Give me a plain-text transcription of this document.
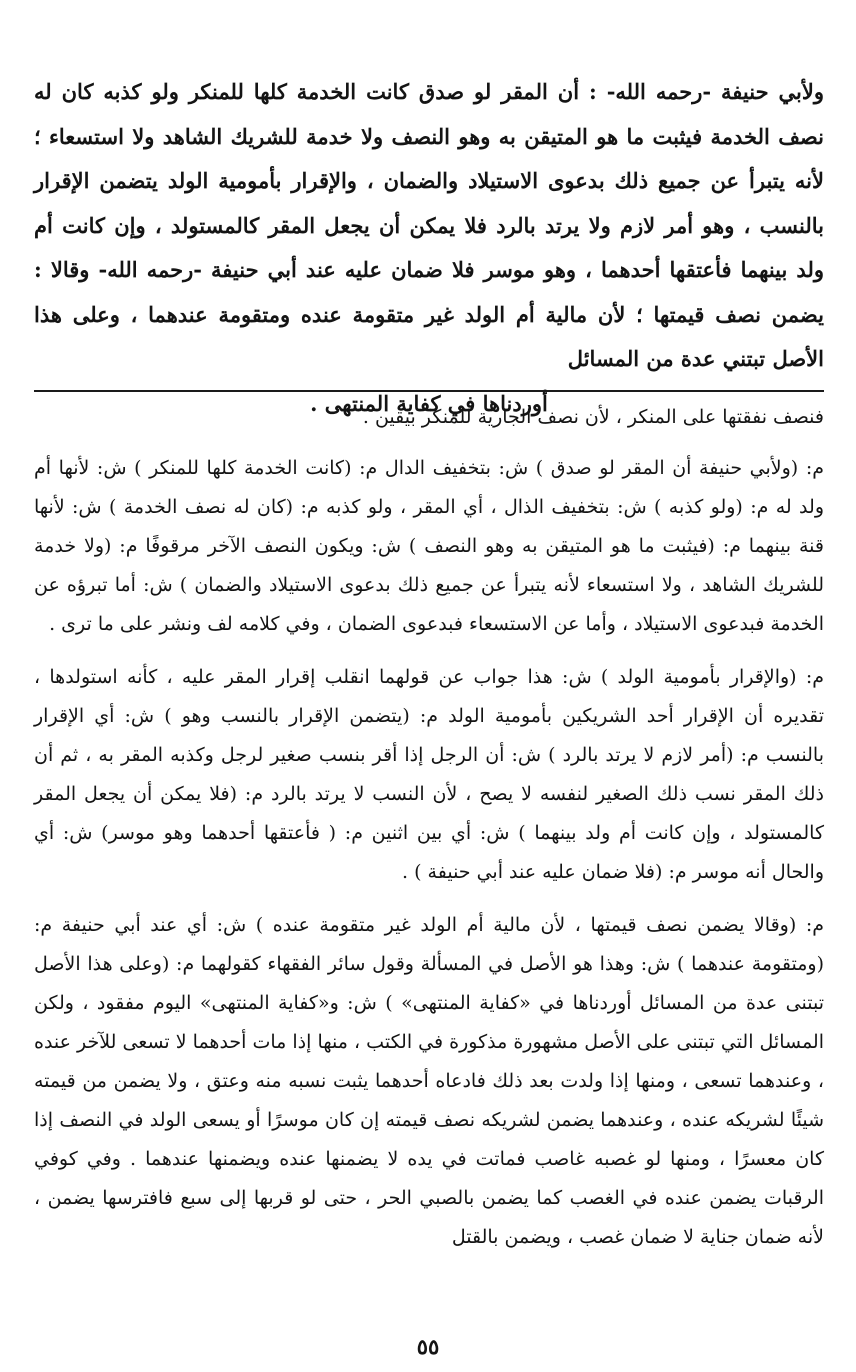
ولأبي حنيفة -رحمه الله- : أن المقر لو صدق كانت الخدمة كلها للمنكر ولو كذبه كان له نصف الخدمة فيثبت ما هو المتيقن به وهو النصف ولا خدمة للشريك الشاهد ولا استسعاء ؛ لأنه يتبرأ عن جميع ذلك بدعوى الاستيلاد والضمان ، والإقرار بأمومية الولد يتضمن الإقرار بالنسب ، وهو أمر لازم ولا يرتد بالرد فلا يمكن أن يجعل المقر كالمستولد ، وإن كانت أم ولد بينهما فأعتقها أحدهما ، وهو موسر فلا ضمان عليه عند أبي حنيفة -رحمه الله- وقالا : يضمن نصف قيمتها ؛ لأن مالية أم الولد غير متقومة عنده ومتقومة عندهما ، وعلى هذا الأصل تبتني عدة من المسائل
أوردناها في كفاية المنتهى .

فنصف نفقتها على المنكر ، لأن نصف الجارية للمنكر بيقين .

م: (ولأبي حنيفة أن المقر لو صدق ) ش: بتخفيف الدال م: (كانت الخدمة كلها للمنكر ) ش: لأنها أم ولد له م: (ولو كذبه ) ش: بتخفيف الذال ، أي المقر ، ولو كذبه م: (كان له نصف الخدمة ) ش: لأنها قنة بينهما م: (فيثبت ما هو المتيقن به وهو النصف ) ش: ويكون النصف الآخر مرقوفًا م: (ولا خدمة للشريك الشاهد ، ولا استسعاء لأنه يتبرأ عن جميع ذلك بدعوى الاستيلاد والضمان ) ش: أما تبرؤه عن الخدمة فبدعوى الاستيلاد ، وأما عن الاستسعاء فبدعوى الضمان ، وفي كلامه لف ونشر على ما ترى .

م: (والإقرار بأمومية الولد ) ش: هذا جواب عن قولهما انقلب إقرار المقر عليه ، كأنه استولدها ، تقديره أن الإقرار أحد الشريكين بأمومية الولد م: (يتضمن الإقرار بالنسب وهو ) ش: أي الإقرار بالنسب م: (أمر لازم لا يرتد بالرد ) ش: أن الرجل إذا أقر بنسب صغير لرجل وكذبه المقر به ، ثم أن ذلك المقر نسب ذلك الصغير لنفسه لا يصح ، لأن النسب لا يرتد بالرد م: (فلا يمكن أن يجعل المقر كالمستولد ، وإن كانت أم ولد بينهما ) ش: أي بين اثنين م: ( فأعتقها أحدهما وهو موسر) ش: أي والحال أنه موسر م: (فلا ضمان عليه عند أبي حنيفة ) .

م: (وقالا يضمن نصف قيمتها ، لأن مالية أم الولد غير متقومة عنده ) ش: أي عند أبي حنيفة م: (ومتقومة عندهما ) ش: وهذا هو الأصل في المسألة وقول سائر الفقهاء كقولهما م: (وعلى هذا الأصل تبتنى عدة من المسائل أوردناها في «كفاية المنتهى» ) ش: و«كفاية المنتهى» اليوم مفقود ، ولكن المسائل التي تبتنى على الأصل مشهورة مذكورة في الكتب ، منها إذا مات أحدهما لا تسعى للآخر عنده ، وعندهما تسعى ، ومنها إذا ولدت بعد ذلك فادعاه أحدهما يثبت نسبه منه وعتق ، ولا يضمن من قيمته شيئًا لشريكه عنده ، وعندهما يضمن لشريكه نصف قيمته إن كان موسرًا أو يسعى الولد في النصف إذا كان معسرًا ، ومنها لو غصبه غاصب فماتت في يده لا يضمنها عنده ويضمنها عندهما . وفي كوفي الرقبات يضمن عنده في الغصب كما يضمن بالصبي الحر ، حتى لو قربها إلى سبع فافترسها يضمن ، لأنه ضمان جناية لا ضمان غصب ، ويضمن بالقتل

٥٥
